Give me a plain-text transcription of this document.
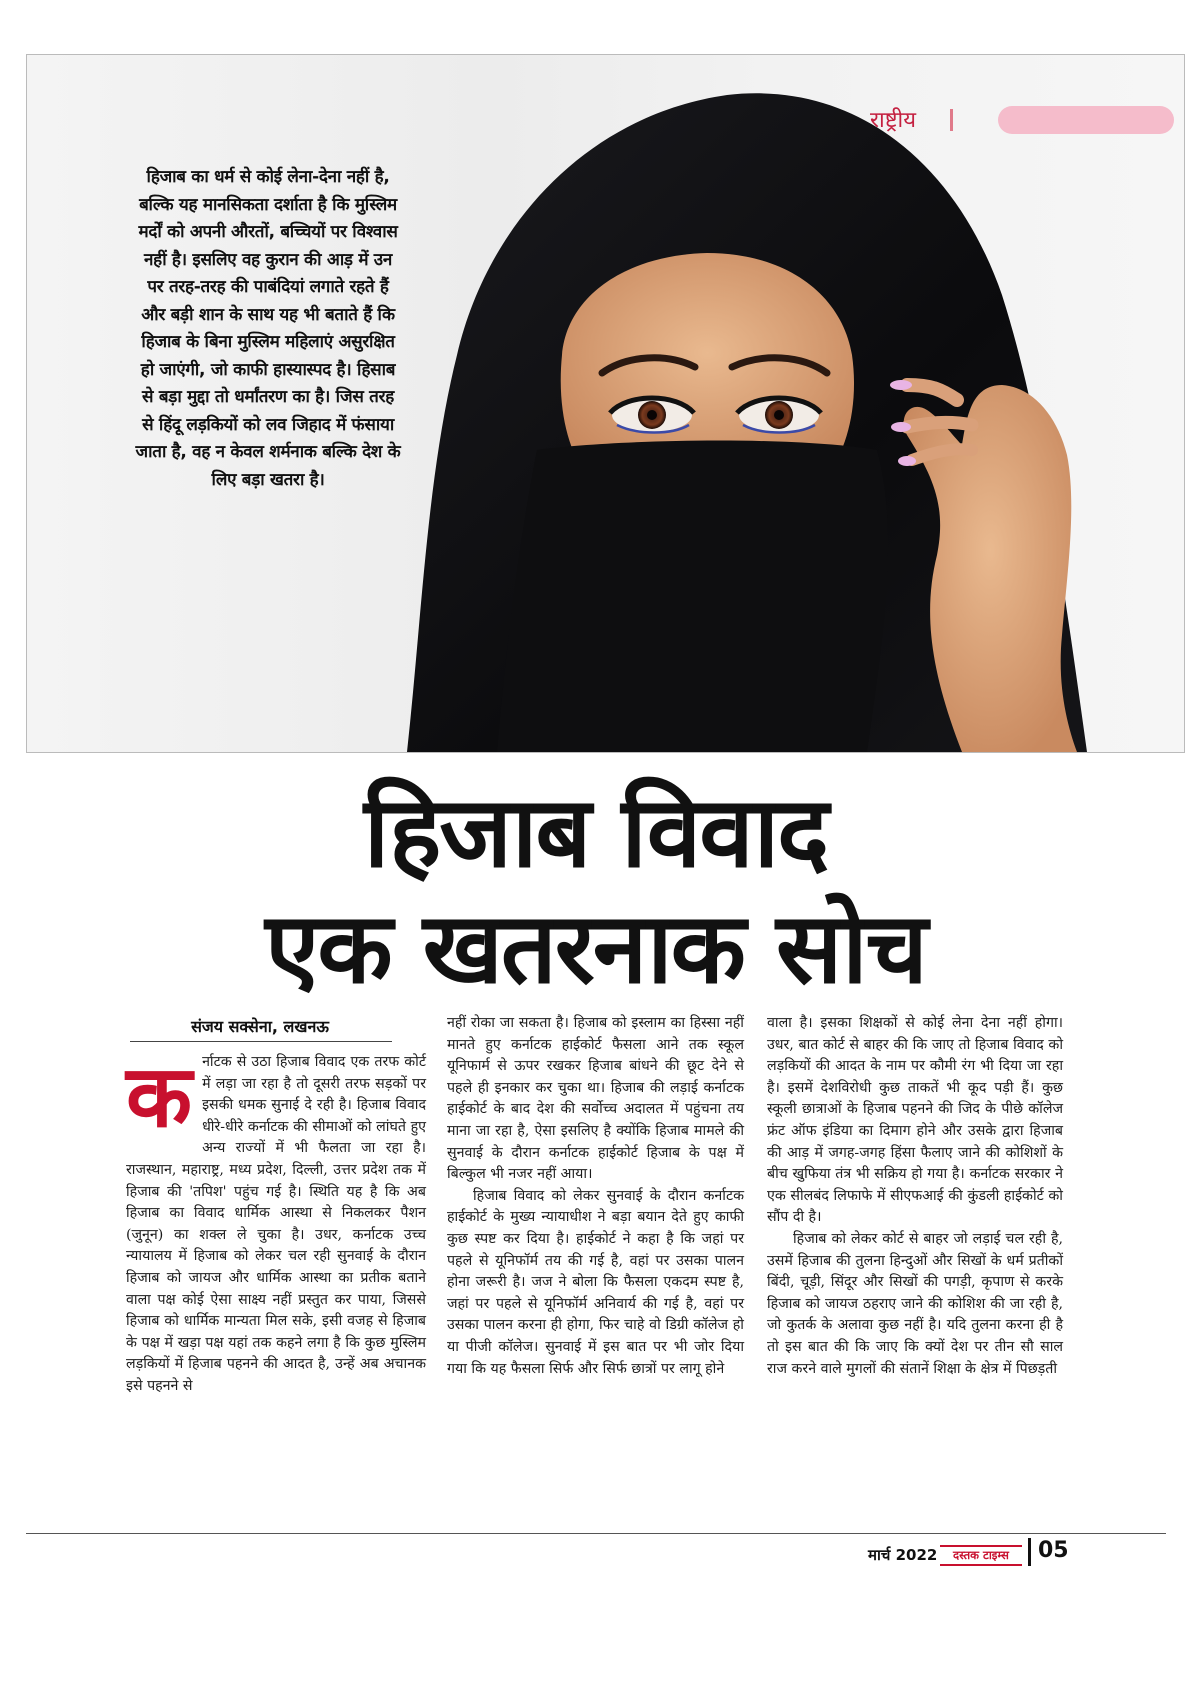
राष्ट्रीय
हिजाब का धर्म से कोई लेना-देना नहीं है, बल्कि यह मानसिकता दर्शाता है कि मुस्लिम मर्दों को अपनी औरतों, बच्चियों पर विश्वास नहीं है। इसलिए वह कुरान की आड़ में उन पर तरह-तरह की पाबंदियां लगाते रहते हैं और बड़ी शान के साथ यह भी बताते हैं कि हिजाब के बिना मुस्लिम महिलाएं असुरक्षित हो जाएंगी, जो काफी हास्यास्पद है। हिसाब से बड़ा मुद्दा तो धर्मांतरण का है। जिस तरह से हिंदू लड़कियों को लव जिहाद में फंसाया जाता है, वह न केवल शर्मनाक बल्कि देश के लिए बड़ा खतरा है।
हिजाब विवाद
एक खतरनाक सोच
संजय सक्सेना, लखनऊ

कर्नाटक से उठा हिजाब विवाद एक तरफ कोर्ट में लड़ा जा रहा है तो दूसरी तरफ सड़कों पर इसकी धमक सुनाई दे रही है। हिजाब विवाद धीरे-धीरे कर्नाटक की सीमाओं को लांघते हुए अन्य राज्यों में भी फैलता जा रहा है। राजस्थान, महाराष्ट्र, मध्य प्रदेश, दिल्ली, उत्तर प्रदेश तक में हिजाब की 'तपिश' पहुंच गई है। स्थिति यह है कि अब हिजाब का विवाद धार्मिक आस्था से निकलकर पैशन (जुनून) का शक्ल ले चुका है। उधर, कर्नाटक उच्च न्यायालय में हिजाब को लेकर चल रही सुनवाई के दौरान हिजाब को जायज और धार्मिक आस्था का प्रतीक बताने वाला पक्ष कोई ऐसा साक्ष्य नहीं प्रस्तुत कर पाया, जिससे हिजाब को धार्मिक मान्यता मिल सके, इसी वजह से हिजाब के पक्ष में खड़ा पक्ष यहां तक कहने लगा है कि कुछ मुस्लिम लड़कियों में हिजाब पहनने की आदत है, उन्हें अब अचानक इसे पहनने से

नहीं रोका जा सकता है। हिजाब को इस्लाम का हिस्सा नहीं मानते हुए कर्नाटक हाईकोर्ट फैसला आने तक स्कूल यूनिफार्म से ऊपर रखकर हिजाब बांधने की छूट देने से पहले ही इनकार कर चुका था। हिजाब की लड़ाई कर्नाटक हाईकोर्ट के बाद देश की सर्वोच्च अदालत में पहुंचना तय माना जा रहा है, ऐसा इसलिए है क्योंकि हिजाब मामले की सुनवाई के दौरान कर्नाटक हाईकोर्ट हिजाब के पक्ष में बिल्कुल भी नजर नहीं आया।

हिजाब विवाद को लेकर सुनवाई के दौरान कर्नाटक हाईकोर्ट के मुख्य न्यायाधीश ने बड़ा बयान देते हुए काफी कुछ स्पष्ट कर दिया है। हाईकोर्ट ने कहा है कि जहां पर पहले से यूनिफॉर्म तय की गई है, वहां पर उसका पालन होना जरूरी है। जज ने बोला कि फैसला एकदम स्पष्ट है, जहां पर पहले से यूनिफॉर्म अनिवार्य की गई है, वहां पर उसका पालन करना ही होगा, फिर चाहे वो डिग्री कॉलेज हो या पीजी कॉलेज। सुनवाई में इस बात पर भी जोर दिया गया कि यह फैसला सिर्फ और सिर्फ छात्रों पर लागू होने

वाला है। इसका शिक्षकों से कोई लेना देना नहीं होगा। उधर, बात कोर्ट से बाहर की कि जाए तो हिजाब विवाद को लड़कियों की आदत के नाम पर कौमी रंग भी दिया जा रहा है। इसमें देशविरोधी कुछ ताकतें भी कूद पड़ी हैं। कुछ स्कूली छात्राओं के हिजाब पहनने की जिद के पीछे कॉलेज फ्रंट ऑफ इंडिया का दिमाग होने और उसके द्वारा हिजाब की आड़ में जगह-जगह हिंसा फैलाए जाने की कोशिशों के बीच खुफिया तंत्र भी सक्रिय हो गया है। कर्नाटक सरकार ने एक सीलबंद लिफाफे में सीएफआई की कुंडली हाईकोर्ट को सौंप दी है।

हिजाब को लेकर कोर्ट से बाहर जो लड़ाई चल रही है, उसमें हिजाब की तुलना हिन्दुओं और सिखों के धर्म प्रतीकों बिंदी, चूड़ी, सिंदूर और सिखों की पगड़ी, कृपाण से करके हिजाब को जायज ठहराए जाने की कोशिश की जा रही है, जो कुतर्क के अलावा कुछ नहीं है। यदि तुलना करना ही है तो इस बात की कि जाए कि क्यों देश पर तीन सौ साल राज करने वाले मुगलों की संतानें शिक्षा के क्षेत्र में पिछड़ती

मार्च 2022	दस्तक टाइम्स	05
